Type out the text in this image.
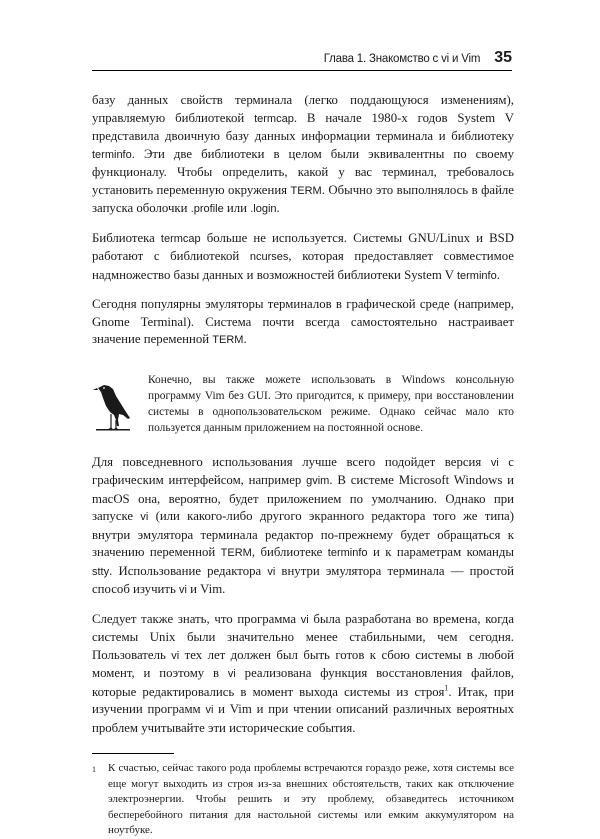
Глава 1. Знакомство с vi и Vim 35

базу данных свойств терминала (легко поддающуюся изменениям), управляемую библиотекой termcap. В начале 1980-х годов System V представила двоичную базу данных информации терминала и библиотеку terminfo. Эти две библиотеки в целом были эквивалентны по своему функционалу. Чтобы определить, какой у вас терминал, требовалось установить переменную окружения TERM. Обычно это выполнялось в файле запуска оболочки .profile или .login.

Библиотека termcap больше не используется. Системы GNU/Linux и BSD работают с библиотекой ncurses, которая предоставляет совместимое надмножество базы данных и возможностей библиотеки System V terminfo.

Сегодня популярны эмуляторы терминалов в графической среде (например, Gnome Terminal). Система почти всегда самостоятельно настраивает значение переменной TERM.

Конечно, вы также можете использовать в Windows консольную программу Vim без GUI. Это пригодится, к примеру, при восстановлении системы в однопользовательском режиме. Однако сейчас мало кто пользуется данным приложением на постоянной основе.

Для повседневного использования лучше всего подойдет версия vi с графическим интерфейсом, например gvim. В системе Microsoft Windows и macOS она, вероятно, будет приложением по умолчанию. Однако при запуске vi (или какого-либо другого экранного редактора того же типа) внутри эмулятора терминала редактор по-прежнему будет обращаться к значению переменной TERM, библиотеке terminfo и к параметрам команды stty. Использование редактора vi внутри эмулятора терминала — простой способ изучить vi и Vim.

Следует также знать, что программа vi была разработана во времена, когда системы Unix были значительно менее стабильными, чем сегодня. Пользователь vi тех лет должен был быть готов к сбою системы в любой момент, и поэтому в vi реализована функция восстановления файлов, которые редактировались в момент выхода системы из строя$^1$. Итак, при изучении программ vi и Vim и при чтении описаний различных вероятных проблем учитывайте эти исторические события.

1	К счастью, сейчас такого рода проблемы встречаются гораздо реже, хотя системы все еще могут выходить из строя из-за внешних обстоятельств, таких как отключение электроэнергии. Чтобы решить и эту проблему, обзаведитесь источником бесперебойного питания для настольной системы или емким аккумулятором на ноутбуке.
